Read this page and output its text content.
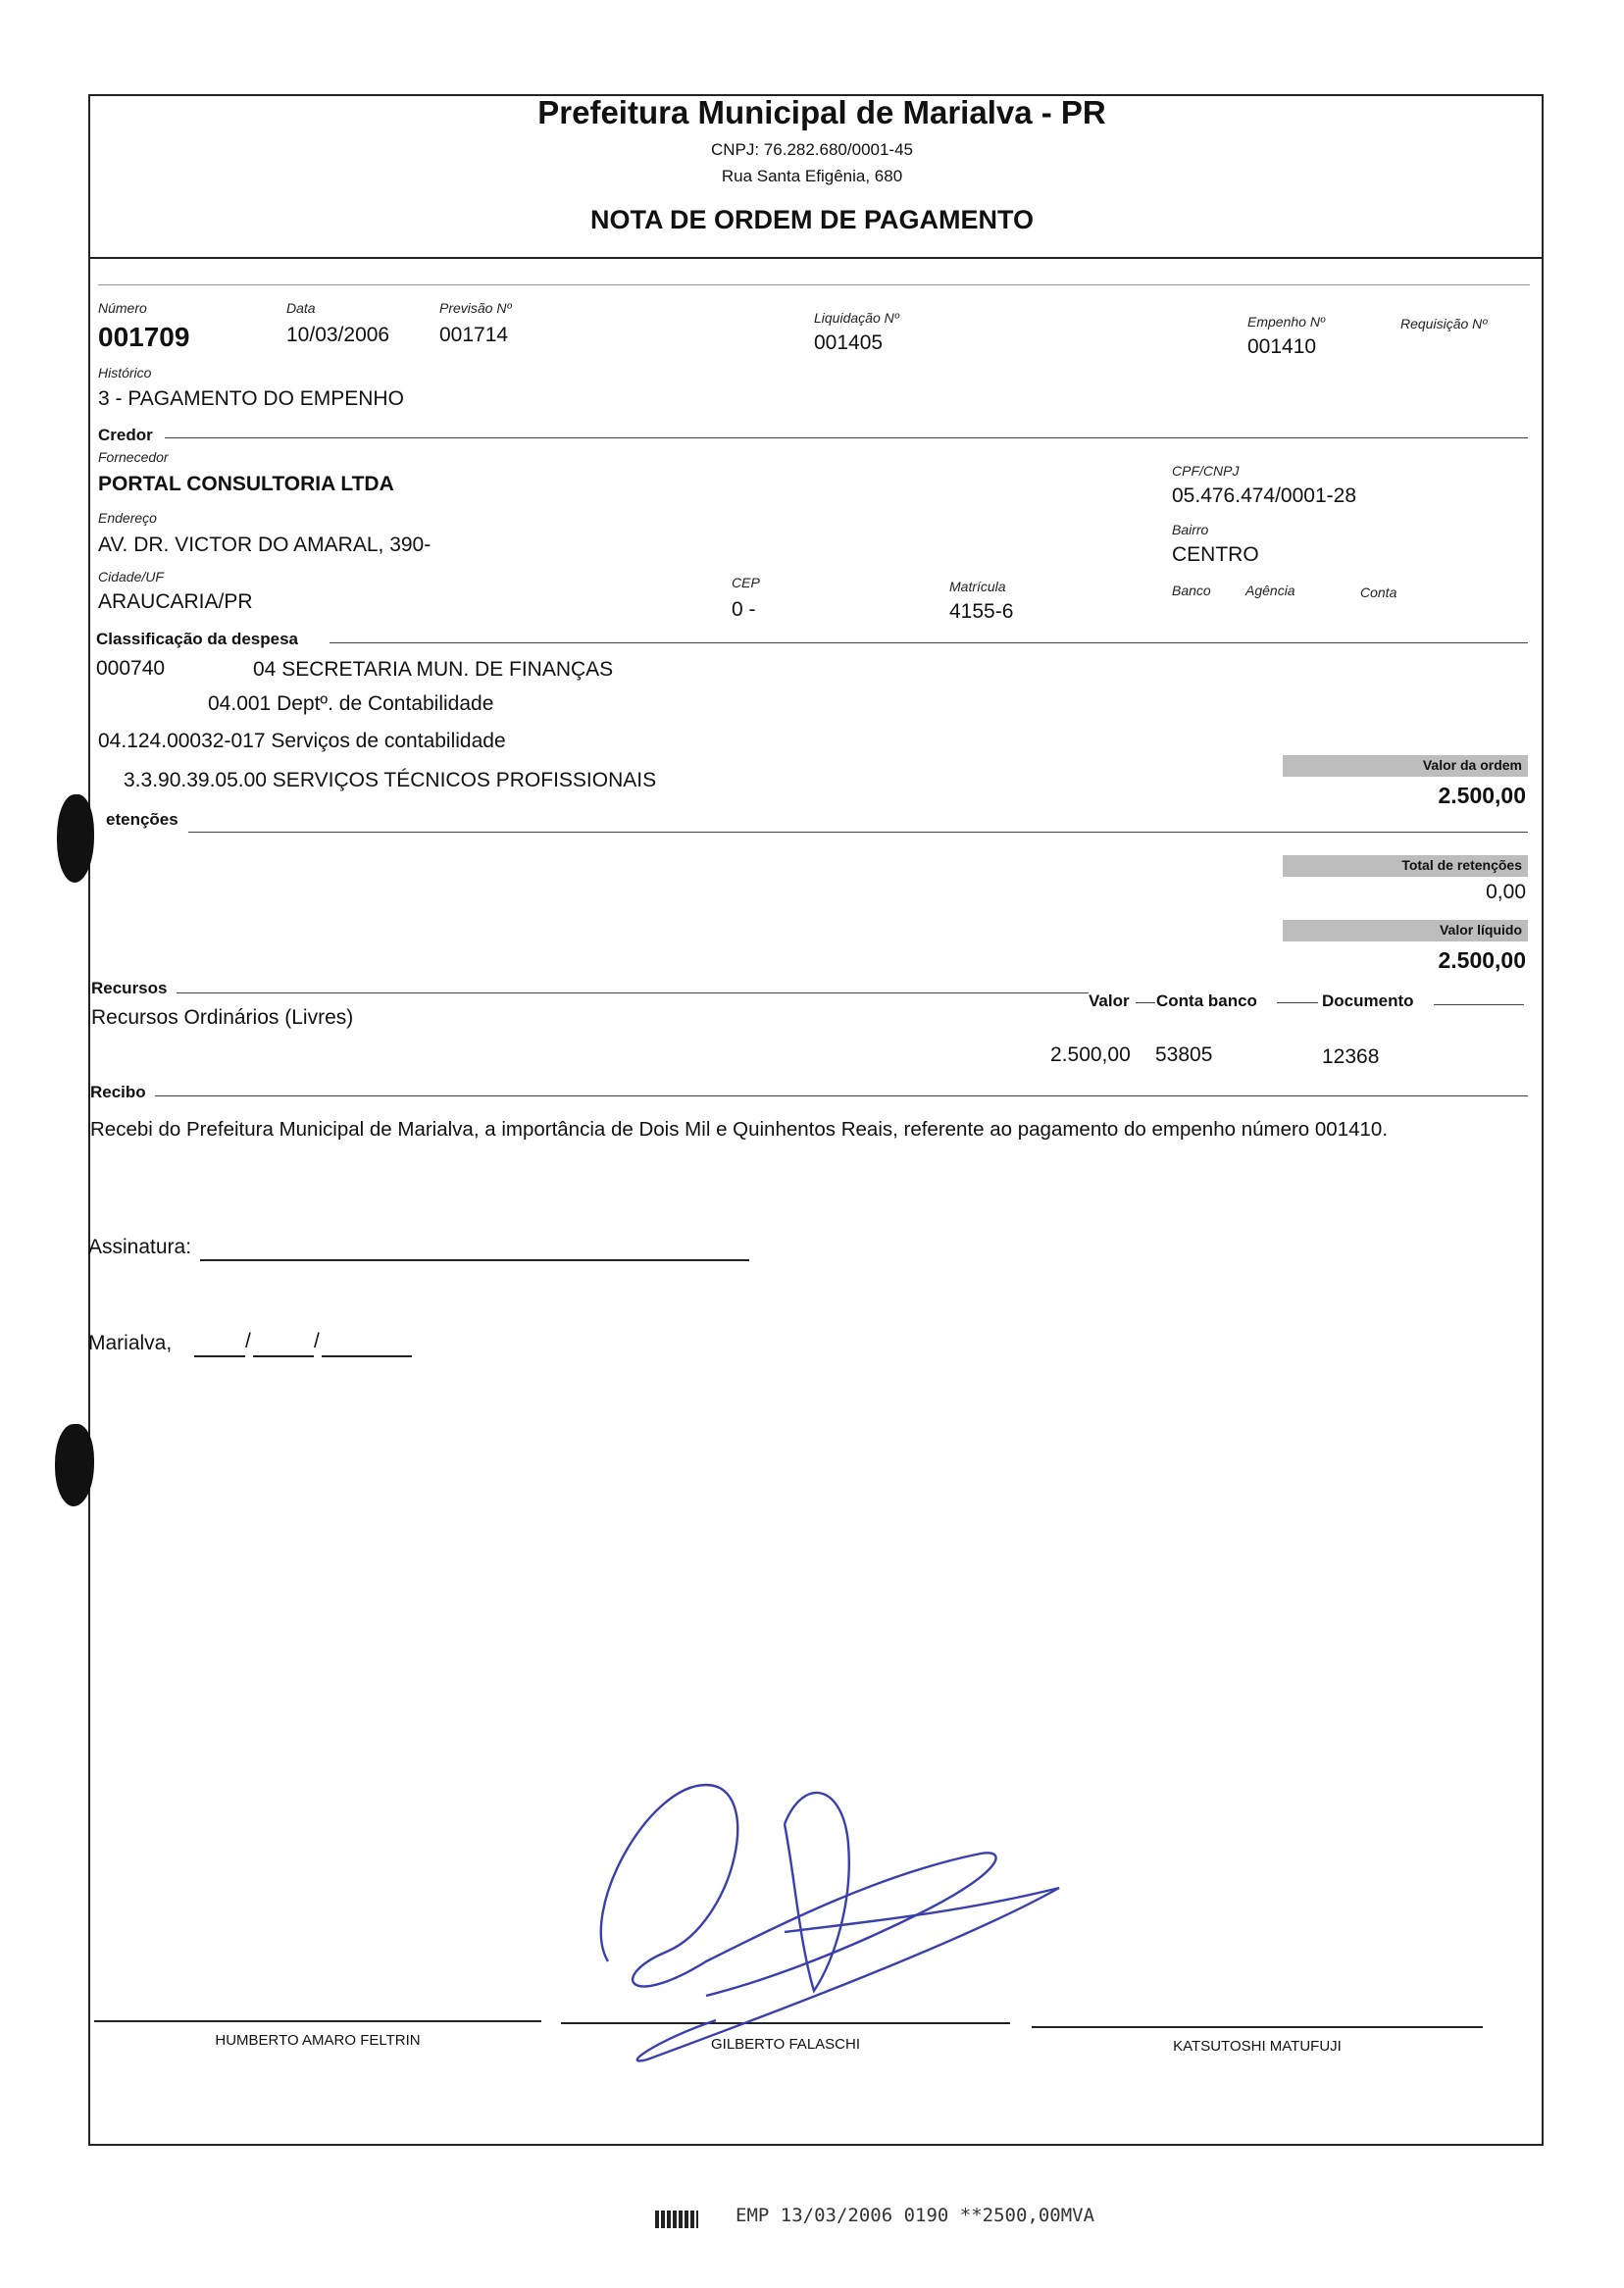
Prefeitura Municipal de Marialva - PR
CNPJ: 76.282.680/0001-45
Rua Santa Efigênia, 680
NOTA DE ORDEM DE PAGAMENTO
Número
001709
Data
10/03/2006
Previsão Nº
001714
Liquidação Nº
001405
Empenho Nº
001410
Requisição Nº
Histórico
3 - PAGAMENTO DO EMPENHO
Credor
Fornecedor
PORTAL CONSULTORIA LTDA
CPF/CNPJ
05.476.474/0001-28
Endereço
AV. DR. VICTOR DO AMARAL, 390-
Bairro
CENTRO
Cidade/UF
ARAUCARIA/PR
CEP
0 -
Matrícula
4155-6
Banco	Agência	Conta
Classificação da despesa
000740	04 SECRETARIA MUN. DE FINANÇAS
04.001 Deptº. de Contabilidade
04.124.00032-017 Serviços de contabilidade
3.3.90.39.05.00 SERVIÇOS TÉCNICOS PROFISSIONAIS
Valor da ordem
2.500,00
etenções
Total de retenções
0,00
Valor líquido
2.500,00
Recursos
Valor Conta banco	Documento
Recursos Ordinários (Livres)
2.500,00 53805	12368
Recibo
Recebi do Prefeitura Municipal de Marialva, a importância de Dois Mil e Quinhentos Reais, referente ao pagamento do empenho número 001410.
Assinatura:
Marialva,	/	/
HUMBERTO AMARO FELTRIN	GILBERTO FALASCHI	KATSUTOSHI MATUFUJI
EMP 13/03/2006 0190 **2500,00MVA
